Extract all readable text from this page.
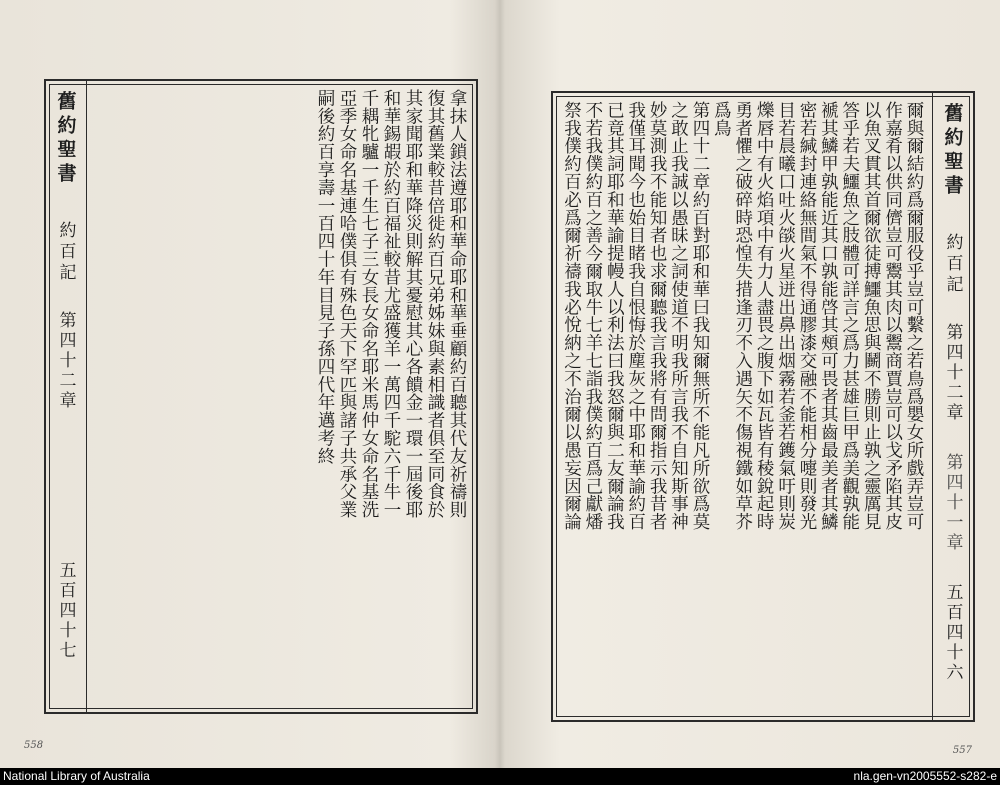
舊約聖書
約百記
第四十二章
五百四十七
拿抹人鎖法遵耶和華命耶和華垂顧約百聽其代友祈禱則
復其舊業較昔倍徙約百兄弟姊妹與素相識者俱至同食於
其家聞耶和華降災則解其憂慰其心各饋金一環一屆後耶
和華錫嘏於約百福祉較昔尤盛獲羊一萬四千駝六千牛一
千耦牝驢一千生七子三女長女命名耶米馬仲女命名基洗
亞季女命名基連哈僕俱有殊色天下罕匹與諸子共承父業
嗣後約百享壽一百四十年目見子孫四代年邁考終
558
舊約聖書
約百記
第四十二章
第四十一章
五百四十六
爾與爾結約爲爾服役乎豈可繫之若鳥爲嬰女所戲弄豈可
作嘉肴以供同儕豈可鬻其肉以鬻商賈豈可以戈矛陷其皮
以魚叉貫其首爾欲徒搏鱷魚思與鬭不勝則止孰之靈厲見
答乎若夫鱷魚之肢體可詳言之爲力甚雄巨甲爲美觀孰能
褫其鱗甲孰能近其口孰能啓其頰可畏者其齒最美者其鱗
密若緘封連絡無間氣不得通膠漆交融不能相分嚏則發光
目若晨曦口吐火燄火星迸出鼻出烟霧若釜若鑊氣吁則炭
爍唇中有火焰項中有力人盡畏之腹下如瓦皆有稜銳起時
勇者懼之破碎時恐惶失措逢刃不入遇矢不傷視鐵如草芥
爲鳥
第四十二章約百對耶和華曰我知爾無所不能凡所欲爲莫
之敢止我誠以愚昧之詞使道不明我所言我不自知斯事神
妙莫測我不能知者也求爾聽我言我將有問爾指示我昔者
我僅耳聞今也始目睹我自恨悔於塵灰之中耶和華諭約百
已竟其詞耶和華諭提幔人以利法曰我怒爾與二友爾論我
不若我僕約百之善今爾取牛七羊七詣我僕約百爲己獻燔
祭我僕約百必爲爾祈禱我必悅納之不治爾以愚妄因爾論
557
National Library of Australia	nla.gen-vn2005552-s282-e
